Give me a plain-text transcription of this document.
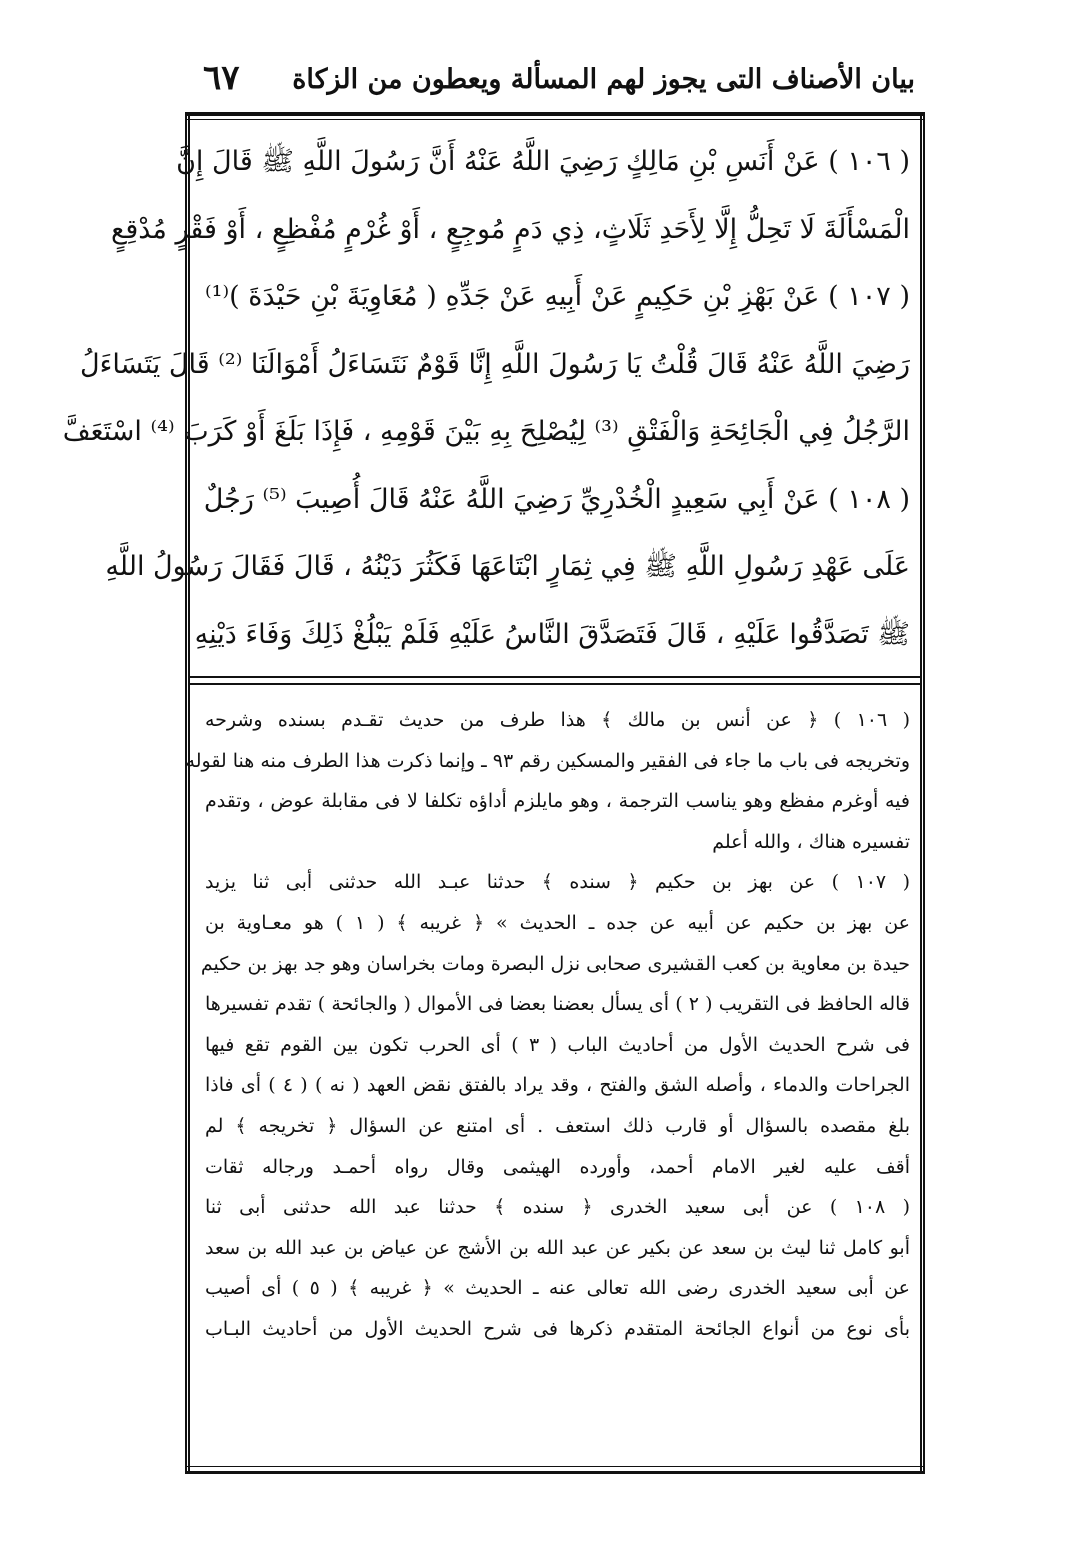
بيان الأصناف التى يجوز لهم المسألة ويعطون من الزكاة
٦٧
( ١٠٦ ) عَنْ أَنَسِ بْنِ مَالِكٍ رَضِيَ اللَّهُ عَنْهُ أَنَّ رَسُولَ اللَّهِ ﷺ قَالَ إِنَّ
الْمَسْأَلَةَ لَا تَحِلُّ إِلَّا لِأَحَدِ ثَلَاثٍ، ذِي دَمٍ مُوجِعٍ ، أَوْ غُرْمٍ مُفْظِعٍ ، أَوْ فَقْرٍ مُدْقِعٍ
( ١٠٧ ) عَنْ بَهْزِ بْنِ حَكِيمٍ عَنْ أَبِيهِ عَنْ جَدِّهِ ( مُعَاوِيَةَ بْنِ حَيْدَةَ )⁽¹⁾
رَضِيَ اللَّهُ عَنْهُ قَالَ قُلْتُ يَا رَسُولَ اللَّهِ إِنَّا قَوْمٌ نَتَسَاءَلُ أَمْوَالَنَا ⁽²⁾ قَالَ يَتَسَاءَلُ
الرَّجُلُ فِي الْجَائِحَةِ وَالْفَتْقِ ⁽³⁾ لِيُصْلِحَ بِهِ بَيْنَ قَوْمِهِ ، فَإِذَا بَلَغَ أَوْ كَرَبَ ⁽⁴⁾ اسْتَعَفَّ
( ١٠٨ ) عَنْ أَبِي سَعِيدٍ الْخُدْرِيِّ رَضِيَ اللَّهُ عَنْهُ قَالَ أُصِيبَ ⁽⁵⁾ رَجُلٌ
عَلَى عَهْدِ رَسُولِ اللَّهِ ﷺ فِي ثِمَارٍ ابْتَاعَهَا فَكَثُرَ دَيْنُهُ ، قَالَ فَقَالَ رَسُولُ اللَّهِ
ﷺ تَصَدَّقُوا عَلَيْهِ ، قَالَ فَتَصَدَّقَ النَّاسُ عَلَيْهِ فَلَمْ يَبْلُغْ ذَلِكَ وَفَاءَ دَيْنِهِ
( ١٠٦ ) ﴿ عن أنس بن مالك ﴾ هذا طرف من حديث تقـدم بسنده وشرحه
وتخريجه فى باب ما جاء فى الفقير والمسكين رقم ٩٣ ـ وإنما ذكرت هذا الطرف منه هنا لقوله
فيه أوغرم مفظع وهو يناسب الترجمة ، وهو مايلزم أداؤه تكلفا لا فى مقابلة عوض ، وتقدم
تفسيره هناك ، والله أعلم
( ١٠٧ ) عن بهز بن حكيم ﴿ سنده ﴾ حدثنا عبـد الله حدثنى أبى ثنا يزيد
عن بهز بن حكيم عن أبيه عن جده ـ الحديث » ﴿ غريبه ﴾ ( ١ ) هو معـاوية بن
حيدة بن معاوية بن كعب القشيرى صحابى نزل البصرة ومات بخراسان وهو جد بهز بن حكيم
قاله الحافظ فى التقريب ( ٢ ) أى يسأل بعضنا بعضا فى الأموال ( والجائحة ) تقدم تفسيرها
فى شرح الحديث الأول من أحاديث الباب ( ٣ ) أى الحرب تكون بين القوم تقع فيها
الجراحات والدماء ، وأصله الشق والفتح ، وقد يراد بالفتق نقض العهد ( نه ) ( ٤ ) أى فاذا
بلغ مقصده بالسؤال أو قارب ذلك استعف . أى امتنع عن السؤال ﴿ تخريجه ﴾ لم
أقف عليه لغير الامام أحمد، وأورده الهيثمى وقال رواه أحمـد ورجاله ثقات
( ١٠٨ ) عن أبى سعيد الخدرى ﴿ سنده ﴾ حدثنا عبد الله حدثنى أبى ثنا
أبو كامل ثنا ليث بن سعد عن بكير عن عبد الله بن الأشج عن عياض بن عبد الله بن سعد
عن أبى سعيد الخدرى رضى الله تعالى عنه ـ الحديث » ﴿ غريبه ﴾ ( ٥ ) أى أصيب
بأى نوع من أنواع الجائحة المتقدم ذكرها فى شرح الحديث الأول من أحاديث البـاب
